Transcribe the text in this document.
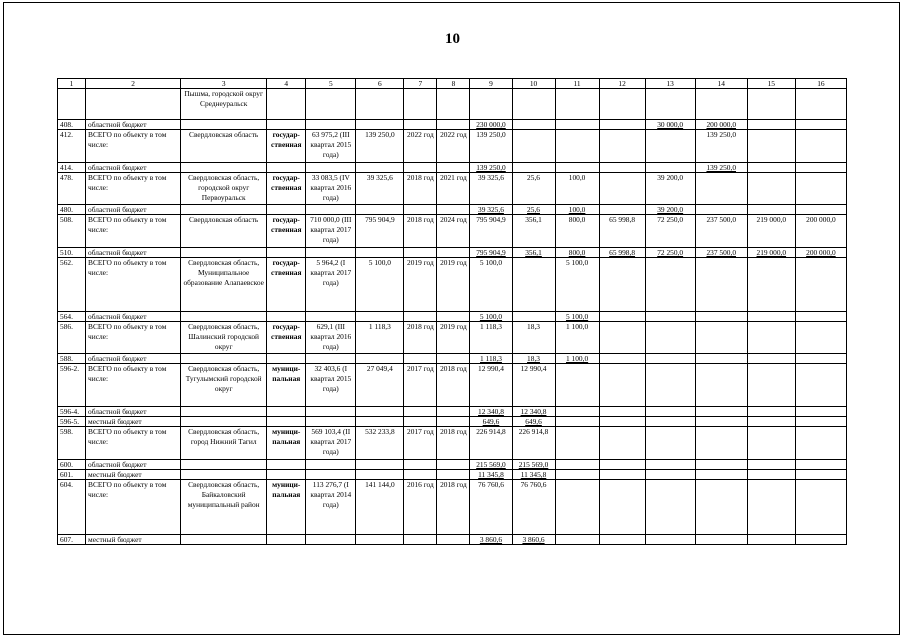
10
1	2	3	4	5	6	7	8	9	10	11	12	13	14	15	16
		Пышма, городской округ Среднеуральск													
408.	областной бюджет							230 000,0				30 000,0	200 000,0		
412.	ВСЕГО по объекту в том числе:	Свердловская область	государ-ственная	63 975,2 (III квартал 2015 года)	139 250,0	2022 год	2022 год	139 250,0					139 250,0		
414.	областной бюджет							139 250,0					139 250,0		
478.	ВСЕГО по объекту в том числе:	Свердловская область, городской округ Первоуральск	государ-ственная	33 083,5 (IV квартал 2016 года)	39 325,6	2018 год	2021 год	39 325,6	25,6	100,0		39 200,0			
480.	областной бюджет							39 325,6	25,6	100,0		39 200,0			
508.	ВСЕГО по объекту в том числе:	Свердловская область	государ-ственная	710 000,0 (III квартал 2017 года)	795 904,9	2018 год	2024 год	795 904,9	356,1	800,0	65 998,8	72 250,0	237 500,0	219 000,0	200 000,0
510.	областной бюджет							795 904,9	356,1	800,0	65 998,8	72 250,0	237 500,0	219 000,0	200 000,0
562.	ВСЕГО по объекту в том числе:	Свердловская область, Муниципальное образование Алапаевское	государ-ственная	5 964,2 (I квартал 2017 года)	5 100,0	2019 год	2019 год	5 100,0		5 100,0					
564.	областной бюджет							5 100,0		5 100,0					
586.	ВСЕГО по объекту в том числе:	Свердловская область, Шалинский городской округ	государ-ственная	629,1 (III квартал 2016 года)	1 118,3	2018 год	2019 год	1 118,3	18,3	1 100,0					
588.	областной бюджет							1 118,3	18,3	1 100,0					
596-2.	ВСЕГО по объекту в том числе:	Свердловская область, Тугулымский городской округ	муници-пальная	32 403,6 (I квартал 2015 года)	27 049,4	2017 год	2018 год	12 990,4	12 990,4						
596-4.	областной бюджет							12 340,8	12 340,8						
596-5.	местный бюджет							649,6	649,6						
598.	ВСЕГО по объекту в том числе:	Свердловская область, город Нижний Тагил	муници-пальная	569 103,4 (II квартал 2017 года)	532 233,8	2017 год	2018 год	226 914,8	226 914,8						
600.	областной бюджет							215 569,0	215 569,0						
601.	местный бюджет							11 345,8	11 345,8						
604.	ВСЕГО по объекту в том числе:	Свердловская область, Байкаловский муниципальный район	муници-пальная	113 276,7 (I квартал 2014 года)	141 144,0	2016 год	2018 год	76 760,6	76 760,6						
607.	местный бюджет							3 860,6	3 860,6						
